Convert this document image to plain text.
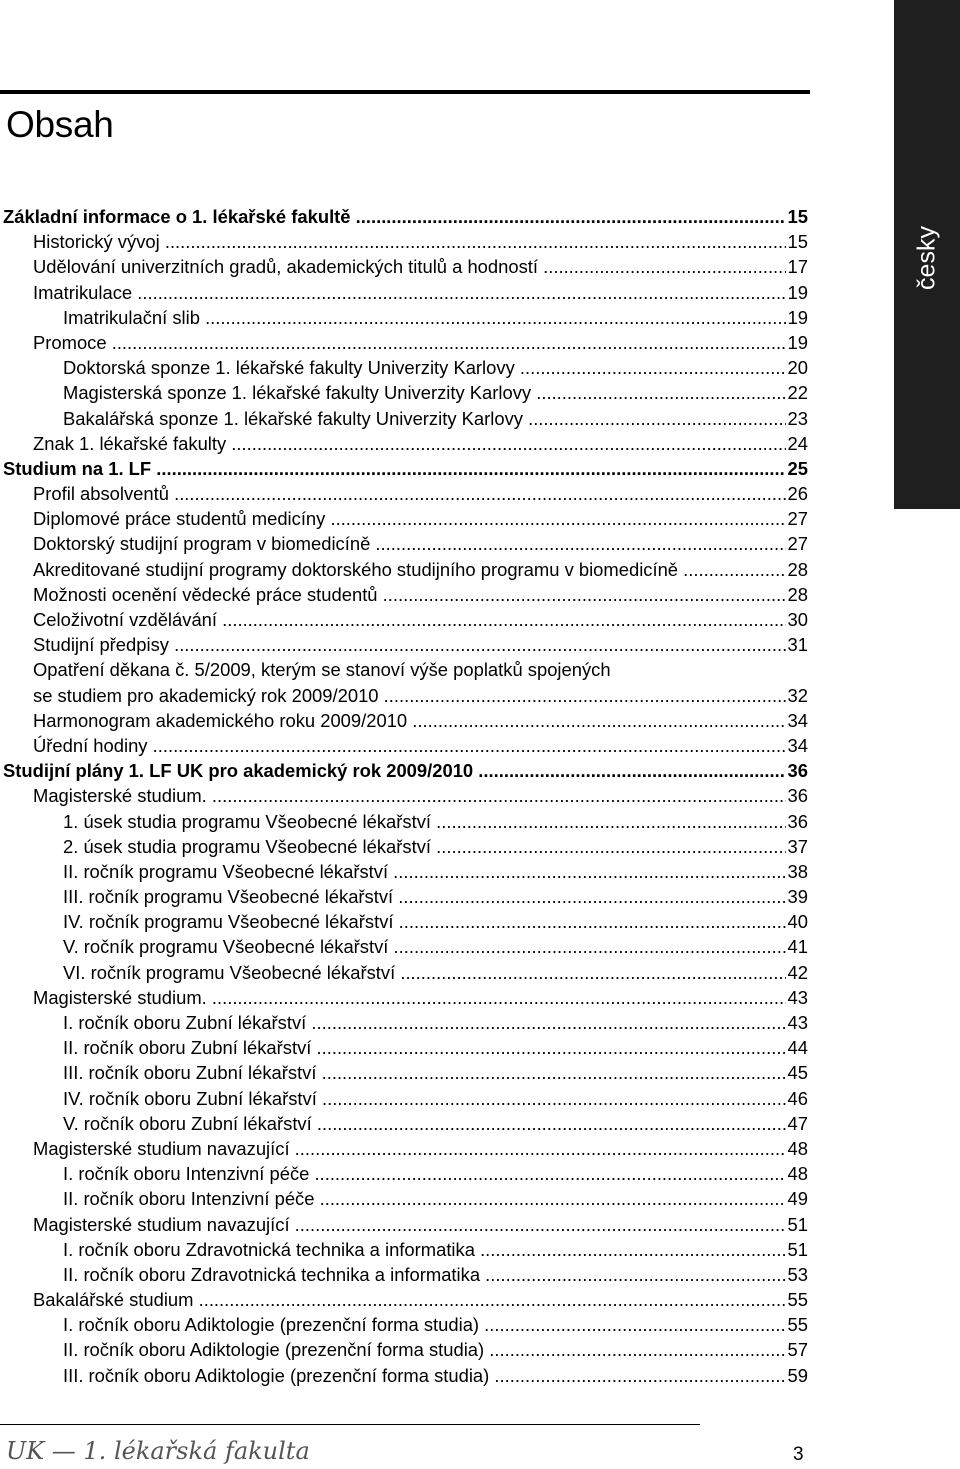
Obsah
česky
Základní informace o 1. lékařské fakultě .....	15
Historický vývoj .....	15
Udělování univerzitních gradů, akademických titulů a hodností .....	17
Imatrikulace .....	19
Imatrikulační slib .....	19
Promoce .....	19
Doktorská sponze 1. lékařské fakulty Univerzity Karlovy .....	20
Magisterská sponze 1. lékařské fakulty Univerzity Karlovy .....	22
Bakalářská sponze 1. lékařské fakulty Univerzity Karlovy .....	23
Znak 1. lékařské fakulty .....	24
Studium na 1. LF .....	25
Profil absolventů .....	26
Diplomové práce studentů medicíny .....	27
Doktorský studijní program v biomedicíně .....	27
Akreditované studijní programy doktorského studijního programu v biomedicíně .....	28
Možnosti ocenění vědecké práce studentů .....	28
Celoživotní vzdělávání .....	30
Studijní předpisy .....	31
Opatření děkana č. 5/2009, kterým se stanoví výše poplatků spojených
se studiem pro akademický rok 2009/2010 .....	32
Harmonogram akademického roku 2009/2010 .....	34
Úřední hodiny .....	34
Studijní plány 1. LF UK pro akademický rok 2009/2010 .....	36
Magisterské studium. .....	36
1. úsek studia programu Všeobecné lékařství .....	36
2. úsek studia programu Všeobecné lékařství .....	37
II. ročník programu Všeobecné lékařství .....	38
III. ročník programu Všeobecné lékařství .....	39
IV. ročník programu Všeobecné lékařství .....	40
V. ročník programu Všeobecné lékařství .....	41
VI. ročník programu Všeobecné lékařství .....	42
Magisterské studium. .....	43
I. ročník oboru Zubní lékařství .....	43
II. ročník oboru Zubní lékařství .....	44
III. ročník oboru Zubní lékařství .....	45
IV. ročník oboru Zubní lékařství .....	46
V. ročník oboru Zubní lékařství .....	47
Magisterské studium navazující .....	48
I. ročník oboru Intenzivní péče .....	48
II. ročník oboru Intenzivní péče .....	49
Magisterské studium navazující .....	51
I. ročník oboru Zdravotnická technika a informatika .....	51
II. ročník oboru Zdravotnická technika a informatika .....	53
Bakalářské studium .....	55
I. ročník oboru Adiktologie (prezenční forma studia) .....	55
II. ročník oboru Adiktologie (prezenční forma studia) .....	57
III. ročník oboru Adiktologie (prezenční forma studia) .....	59
UK — 1. lékařská fakulta	3
